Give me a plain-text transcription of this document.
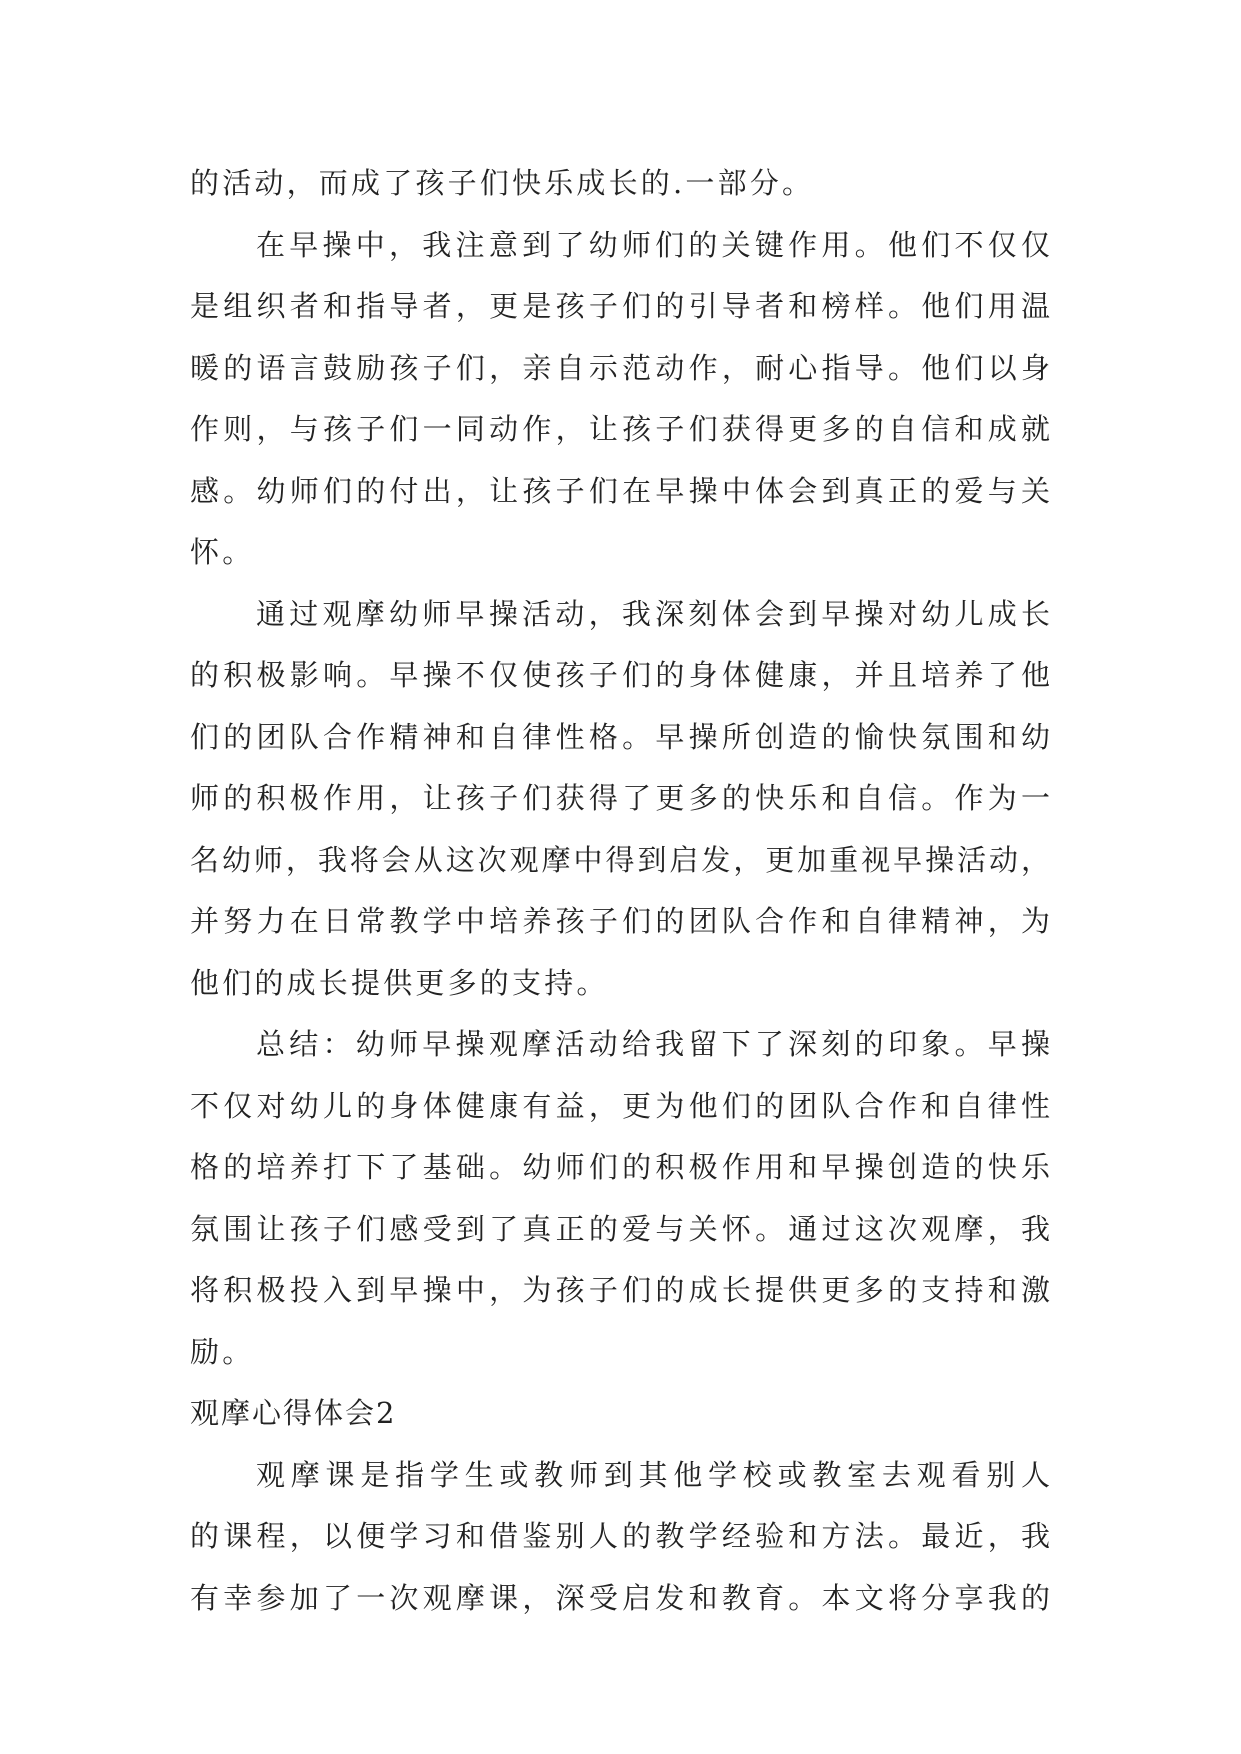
的活动，而成了孩子们快乐成长的.一部分。
在早操中，我注意到了幼师们的关键作用。他们不仅仅
是组织者和指导者，更是孩子们的引导者和榜样。他们用温
暖的语言鼓励孩子们，亲自示范动作，耐心指导。他们以身
作则，与孩子们一同动作，让孩子们获得更多的自信和成就
感。幼师们的付出，让孩子们在早操中体会到真正的爱与关
怀。
通过观摩幼师早操活动，我深刻体会到早操对幼儿成长
的积极影响。早操不仅使孩子们的身体健康，并且培养了他
们的团队合作精神和自律性格。早操所创造的愉快氛围和幼
师的积极作用，让孩子们获得了更多的快乐和自信。作为一
名幼师，我将会从这次观摩中得到启发，更加重视早操活动，
并努力在日常教学中培养孩子们的团队合作和自律精神，为
他们的成长提供更多的支持。
总结：幼师早操观摩活动给我留下了深刻的印象。早操
不仅对幼儿的身体健康有益，更为他们的团队合作和自律性
格的培养打下了基础。幼师们的积极作用和早操创造的快乐
氛围让孩子们感受到了真正的爱与关怀。通过这次观摩，我
将积极投入到早操中，为孩子们的成长提供更多的支持和激
励。
观摩心得体会2
观摩课是指学生或教师到其他学校或教室去观看别人
的课程，以便学习和借鉴别人的教学经验和方法。最近，我
有幸参加了一次观摩课，深受启发和教育。本文将分享我的
